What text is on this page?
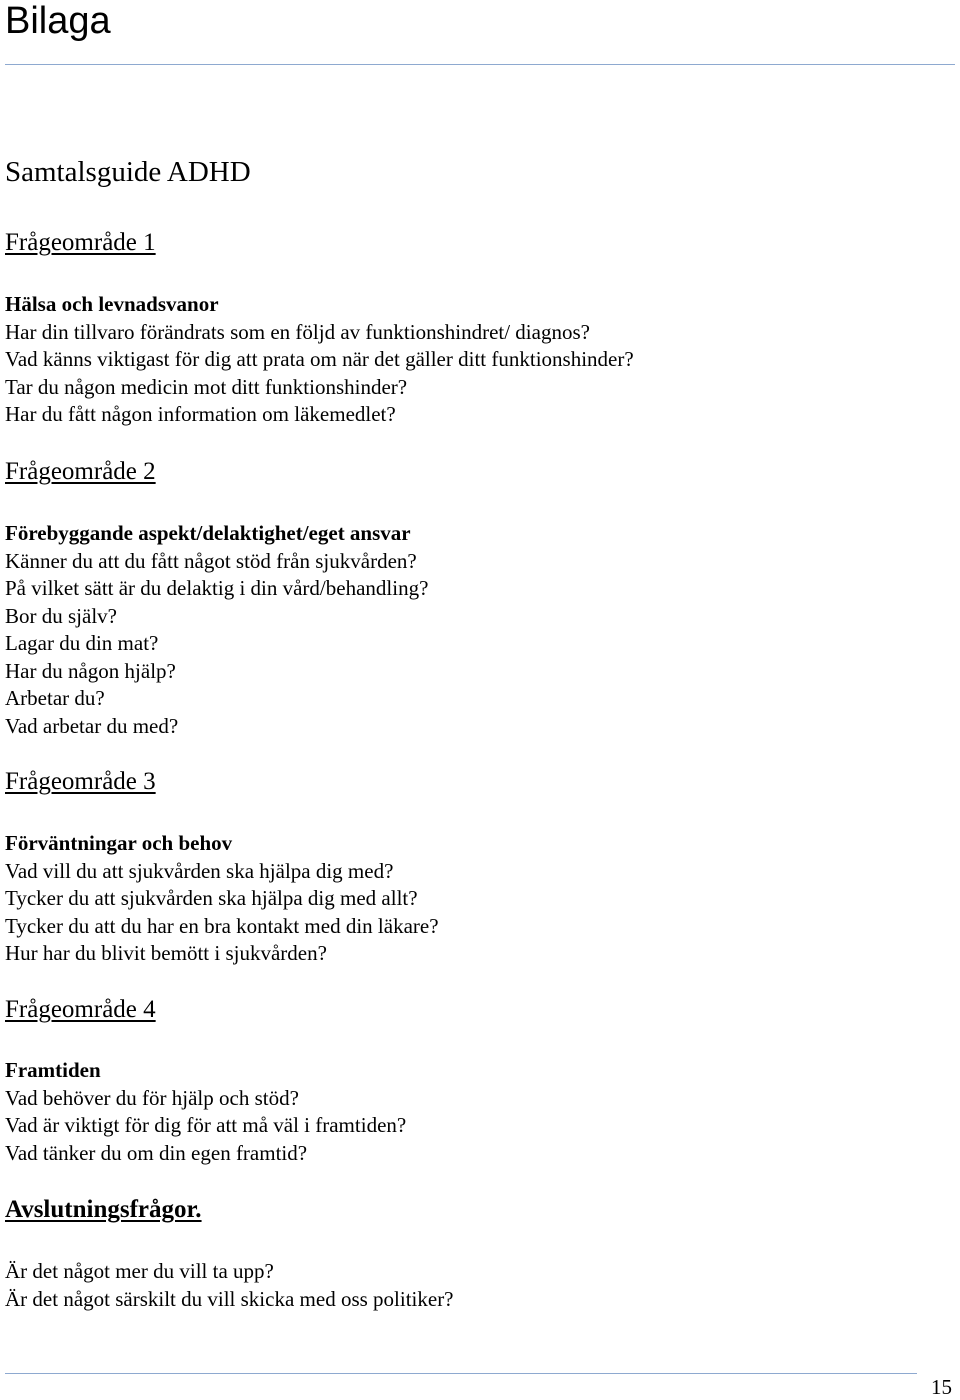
Bilaga
Samtalsguide ADHD
Frågeområde 1
Hälsa och levnadsvanor
Har din tillvaro förändrats som en följd av funktionshindret/ diagnos?
Vad känns viktigast för dig att prata om när det gäller ditt funktionshinder?
Tar du någon medicin mot ditt funktionshinder?
Har du fått någon information om läkemedlet?
Frågeområde 2
Förebyggande aspekt/delaktighet/eget ansvar
Känner du att du fått något stöd från sjukvården?
På vilket sätt är du delaktig i din vård/behandling?
Bor du själv?
Lagar du din mat?
Har du någon hjälp?
Arbetar du?
Vad arbetar du med?
Frågeområde 3
Förväntningar och behov
Vad vill du att sjukvården ska hjälpa dig med?
Tycker du att sjukvården ska hjälpa dig med allt?
Tycker du att du har en bra kontakt med din läkare?
Hur har du blivit bemött i sjukvården?
Frågeområde 4
Framtiden
Vad behöver du för hjälp och stöd?
Vad är viktigt för dig för att må väl i framtiden?
Vad tänker du om din egen framtid?
Avslutningsfrågor.
Är det något mer du vill ta upp?
Är det något särskilt du vill skicka med oss politiker?
15
